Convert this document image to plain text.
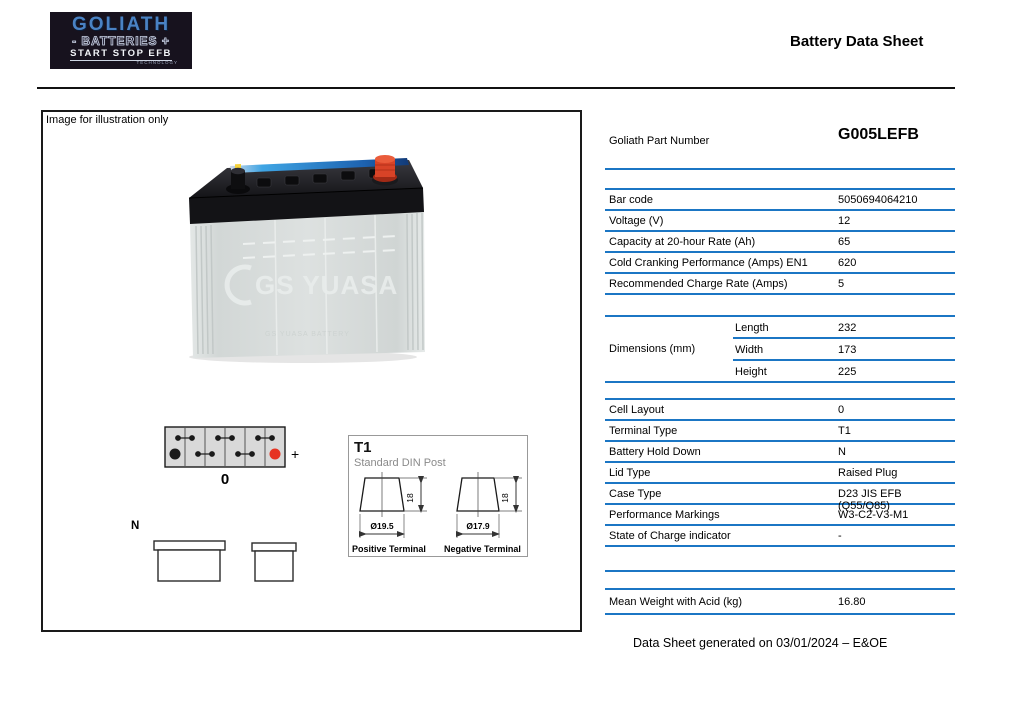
GOLIATH
- BATTERIES +
START STOP EFB
TECHNOLOGY
Battery Data Sheet
Image for illustration only
GS YUASA
GS YUASA BATTERY
+
0
N
T1
Standard DIN Post
18
Ø19.5
Positive Terminal
18
Ø17.9
Negative Terminal
Goliath Part Number	G005LEFB
Bar code	5050694064210
Voltage (V)	12
Capacity at 20-hour Rate (Ah)	65
Cold Cranking Performance (Amps) EN1	620
Recommended Charge Rate (Amps)	5
Dimensions (mm)
Length	232
Width	173
Height	225
Cell Layout	0
Terminal Type	T1
Battery Hold Down	N
Lid Type	Raised Plug
Case Type	D23 JIS EFB (Q55/Q85)
Performance Markings	W3-C2-V3-M1
State of Charge indicator	-
Mean Weight with Acid (kg)	16.80
Data Sheet generated on 03/01/2024 – E&OE
